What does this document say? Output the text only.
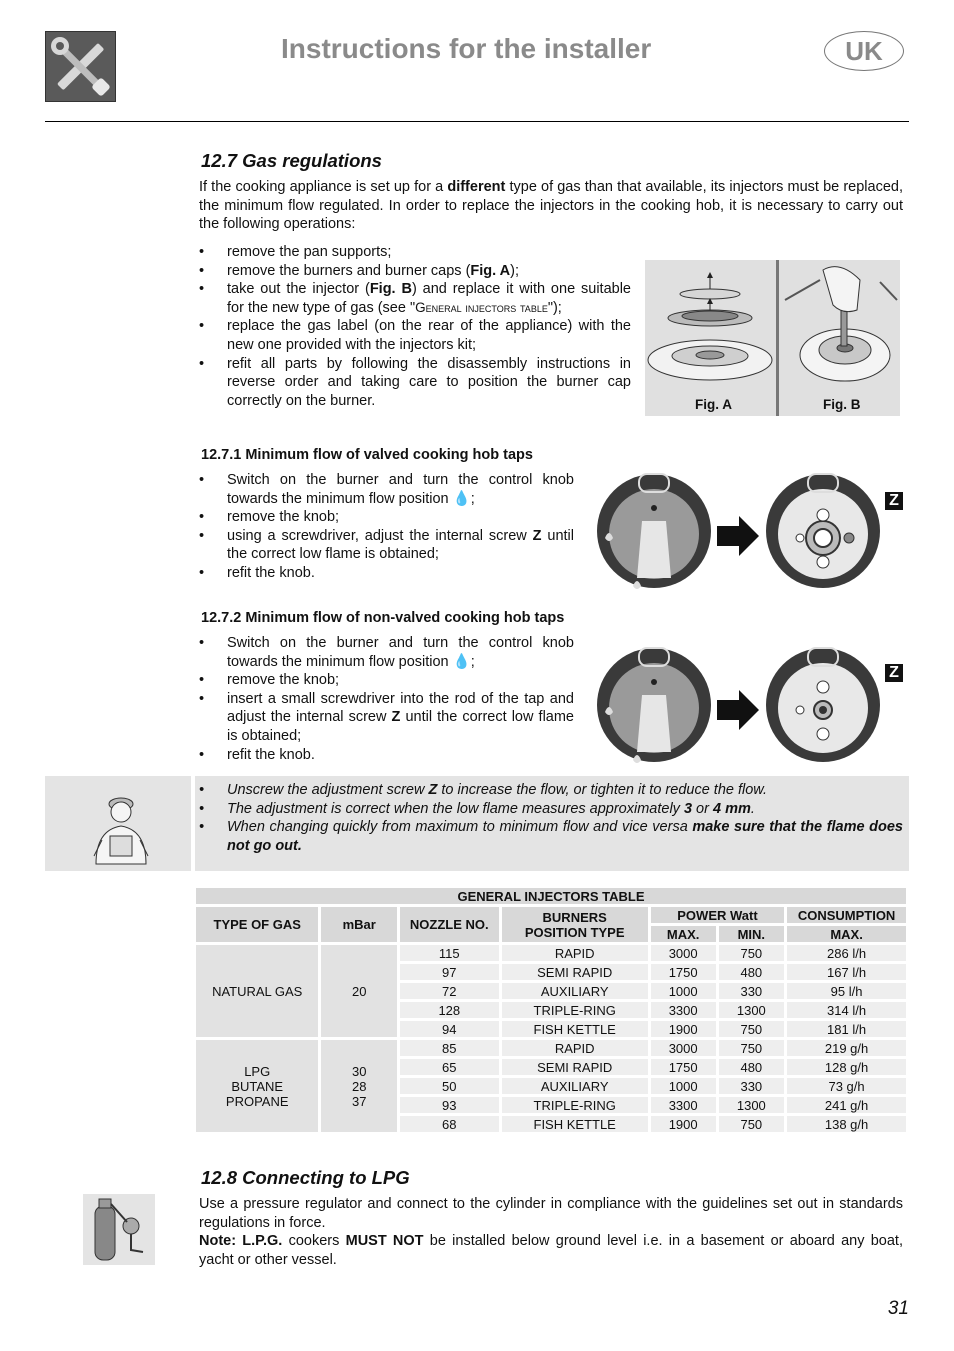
Instructions for the installer	UK
12.7 Gas regulations

If the cooking appliance is set up for a different type of gas than that available, its injectors must be replaced, the minimum flow regulated. In order to replace the injectors in the cooking hob, it is necessary to carry out the following operations:

• remove the pan supports;
• remove the burners and burner caps (Fig. A);
• take out the injector (Fig. B) and replace it with one suitable for the new type of gas (see "General injectors table");
• replace the gas label (on the rear of the appliance) with the new one provided with the injectors kit;
• refit all parts by following the disassembly instructions in reverse order and taking care to position the burner cap correctly on the burner.	Fig. A	Fig. B
12.7.1 Minimum flow of valved cooking hob taps
• Switch on the burner and turn the control knob towards the minimum flow position 💧;
• remove the knob;
• using a screwdriver, adjust the internal screw Z until the correct low flame is obtained;
• refit the knob.
Z
12.7.2 Minimum flow of non-valved cooking hob taps
• Switch on the burner and turn the control knob towards the minimum flow position 💧;
• remove the knob;
• insert a small screwdriver into the rod of the tap and adjust the internal screw Z until the correct low flame is obtained;
• refit the knob.
Z
• Unscrew the adjustment screw Z to increase the flow, or tighten it to reduce the flow.
• The adjustment is correct when the low flame measures approximately 3 or 4 mm.
• When changing quickly from maximum to minimum flow and vice versa make sure that the flame does not go out.
GENERAL INJECTORS TABLE						
TYPE OF GAS	mBar	NOZZLE NO.	BURNERS
POSITION TYPE	POWER Watt		CONSUMPTION
				MAX.	MIN.	MAX.
NATURAL GAS	20	115	RAPID	3000	750	286 l/h
		97	SEMI RAPID	1750	480	167 l/h
		72	AUXILIARY	1000	330	95 l/h
		128	TRIPLE-RING	3300	1300	314 l/h
		94	FISH KETTLE	1900	750	181 l/h
LPG
BUTANE
PROPANE	30
28
37	85	RAPID	3000	750	219 g/h
		65	SEMI RAPID	1750	480	128 g/h
		50	AUXILIARY	1000	330	73 g/h
		93	TRIPLE-RING	3300	1300	241 g/h
		68	FISH KETTLE	1900	750	138 g/h
12.8 Connecting to LPG

Use a pressure regulator and connect to the cylinder in compliance with the guidelines set out in standards regulations in force.
Note: L.P.G. cookers MUST NOT be installed below ground level i.e. in a basement or aboard any boat, yacht or other vessel.

31
